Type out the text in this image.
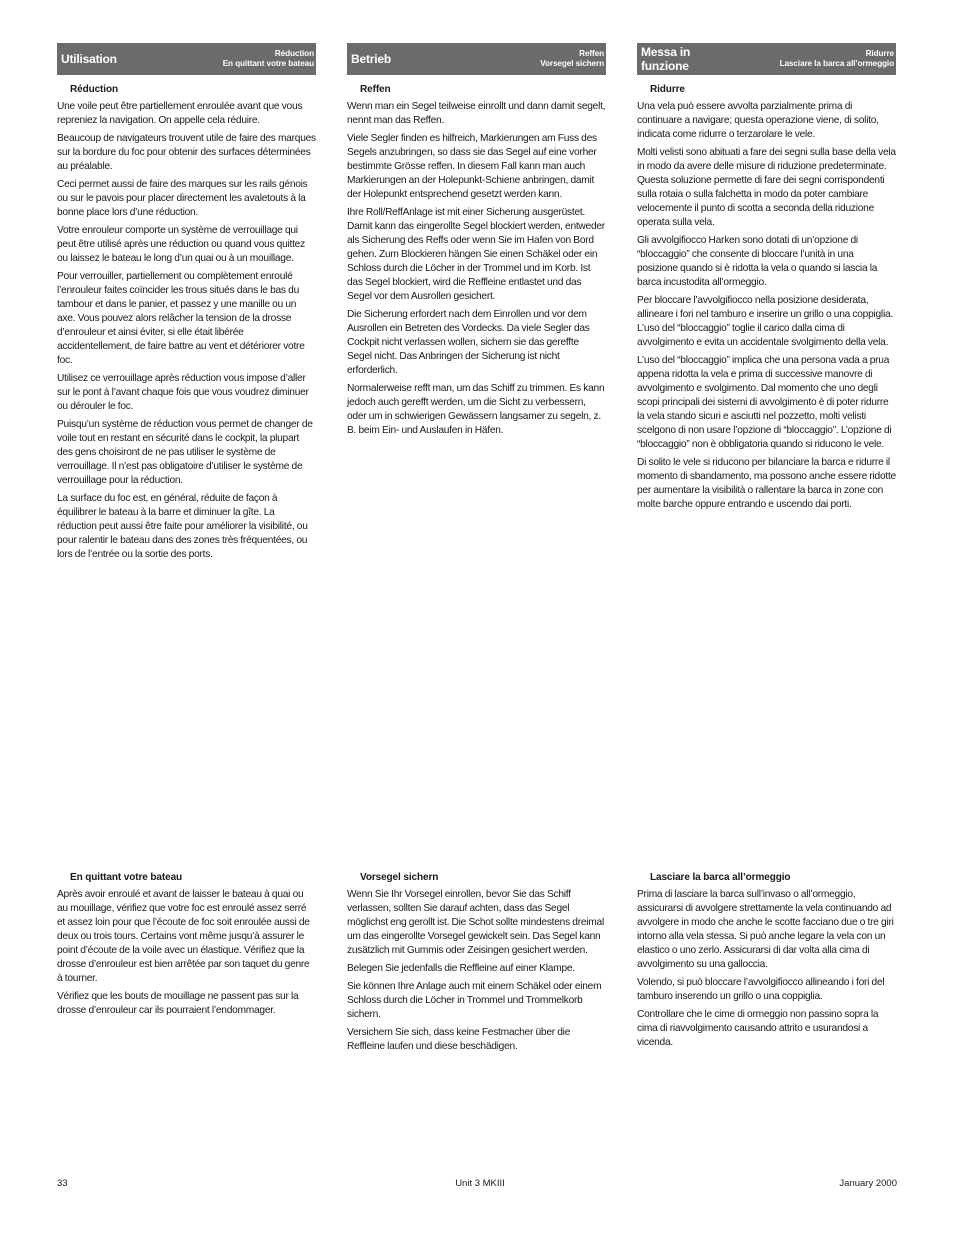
Utilisation	Réduction
En quittant votre bateau	Betrieb	Reffen
Vorsegel sichern
Messa in funzione
Ridurre
Lasciare la barca all’ormeggio
Réduction

Une voile peut être partiellement enroulée avant que vous repreniez la navigation. On appelle cela réduire.

Beaucoup de navigateurs trouvent utile de faire des marques sur la bordure du foc pour obtenir des surfaces déterminées au préalable.

Ceci permet aussi de faire des marques sur les rails génois ou sur le pavois pour placer directement les avaletouts à la bonne place lors d’une réduction.

Votre enrouleur comporte un système de verrouillage qui peut être utilisé après une réduction ou quand vous quittez ou laissez le bateau le long d’un quai ou à un mouillage.

Pour verrouiller, partiellement ou complètement enroulé l’enrouleur faites coïncider les trous situés dans le bas du tambour et dans le panier, et passez y une manille ou un axe. Vous pouvez alors relâcher la tension de la drosse d’enrouleur et ainsi éviter, si elle était libérée accidentellement, de faire battre au vent et détériorer votre foc.

Utilisez ce verrouillage après réduction vous impose d’aller sur le pont à l’avant chaque fois que vous voudrez diminuer ou dérouler le foc.

Puisqu’un système de réduction vous permet de changer de voile tout en restant en sécurité dans le cockpit, la plupart des gens choisiront de ne pas utiliser le système de verrouillage. Il n’est pas obligatoire d’utiliser le système de verrouillage pour la réduction.

La surface du foc est, en général, réduite de façon à équilibrer le bateau à la barre et diminuer la gîte. La réduction peut aussi être faite pour améliorer la visibilité, ou pour ralentir le bateau dans des zones très fréquentées, ou lors de l’entrée ou la sortie des ports.

Reffen

Wenn man ein Segel teilweise einrollt und dann damit segelt, nennt man das Reffen.

Viele Segler finden es hilfreich, Markierungen am Fuss des Segels anzubringen, so dass sie das Segel auf eine vorher bestimmte Grösse reffen. In diesem Fall kann man auch Markierungen an der Holepunkt-Schiene anbringen, damit der Holepunkt entsprechend gesetzt werden kann.

Ihre Roll/ReffAnlage ist mit einer Sicherung ausgerüstet. Damit kann das eingerollte Segel blockiert werden, entweder als Sicherung des Reffs oder wenn Sie im Hafen von Bord gehen. Zum Blockieren hängen Sie einen Schäkel oder ein Schloss durch die Löcher in der Trommel und im Korb. Ist das Segel blockiert, wird die Reffleine entlastet und das Segel vor dem Ausrollen gesichert.

Die Sicherung erfordert nach dem Einrollen und vor dem Ausrollen ein Betreten des Vordecks. Da viele Segler das Cockpit nicht verlassen wollen, sichern sie das gereffte Segel nicht. Das Anbringen der Sicherung ist nicht erforderlich.

Normalerweise refft man, um das Schiff zu trimmen. Es kann jedoch auch gerefft werden, um die Sicht zu verbessern, oder um in schwierigen Gewässern langsamer zu segeln, z. B. beim Ein- und Auslaufen in Häfen.

Ridurre

Una vela può essere avvolta parzialmente prima di continuare a navigare; questa operazione viene, di solito, indicata come ridurre o terzarolare le vele.

Molti velisti sono abituati a fare dei segni sulla base della vela in modo da avere delle misure di riduzione predeterminate. Questa soluzione permette di fare dei segni corrispondenti sulla rotaia o sulla falchetta in modo da poter cambiare velocemente il punto di scotta a seconda della riduzione operata sulla vela.

Gli avvolgifiocco Harken sono dotati di un’opzione di “bloccaggio” che consente di bloccare l’unità in una posizione quando si è ridotta la vela o quando si lascia la barca incustodita all’ormeggio.

Per bloccare l’avvolgifiocco nella posizione desiderata, allineare i fori nel tamburo e inserire un grillo o una coppiglia. L’uso del “bloccaggio” toglie il carico dalla cima di avvolgimento e evita un accidentale svolgimento della vela.

L’uso del “bloccaggio” implica che una persona vada a prua appena ridotta la vela e prima di successive manovre di avvolgimento e svolgimento. Dal momento che uno degli scopi principali dei sistemi di avvolgimento è di poter ridurre la vela stando sicuri e asciutti nel pozzetto, molti velisti scelgono di non usare l’opzione di “bloccaggio”. L’opzione di “bloccaggio” non è obbligatoria quando si riducono le vele.

Di solito le vele si riducono per bilanciare la barca e ridurre il momento di sbandamento, ma possono anche essere ridotte per aumentare la visibilità o rallentare la barca in zone con molte barche oppure entrando e uscendo dai porti.

En quittant votre bateau

Après avoir enroulé et avant de laisser le bateau à quai ou au mouillage, vérifiez que votre foc est enroulé assez serré et assez loin pour que l’écoute de foc soit enroulée aussi de deux ou trois tours. Certains vont même jusqu’à assurer le point d’écoute de la voile avec un élastique. Vérifiez que la drosse d’enrouleur est bien arrêtée par son taquet du genre à tourner.

Vérifiez que les bouts de mouillage ne passent pas sur la drosse d’enrouleur car ils pourraient l’endommager.

Vorsegel sichern

Wenn Sie Ihr Vorsegel einrollen, bevor Sie das Schiff verlassen, sollten Sie darauf achten, dass das Segel möglichst eng gerollt ist. Die Schot sollte mindestens dreimal um das eingerollte Vorsegel gewickelt sein. Das Segel kann zusätzlich mit Gummis oder Zeisingen gesichert werden.

Belegen Sie jedenfalls die Reffleine auf einer Klampe.

Sie können Ihre Anlage auch mit einem Schäkel oder einem Schloss durch die Löcher in Trommel und Trommelkorb sichern.

Versichern Sie sich, dass keine Festmacher über die Reffleine laufen und diese beschädigen.

Lasciare la barca all’ormeggio

Prima di lasciare la barca sull’invaso o all’ormeggio, assicurarsi di avvolgere strettamente la vela continuando ad avvolgere in modo che anche le scotte facciano due o tre giri intorno alla vela stessa. Si può anche legare la vela con un elastico o uno zerlo. Assicurarsi di dar volta alla cima di avvolgimento su una galloccia.

Volendo, si può bloccare l’avvolgifiocco allineando i fori del tamburo inserendo un grillo o una coppiglia.

Controllare che le cime di ormeggio non passino sopra la cima di riavvolgimento causando attrito e usurandosi a vicenda.

33	Unit 3 MKIII	January 2000
